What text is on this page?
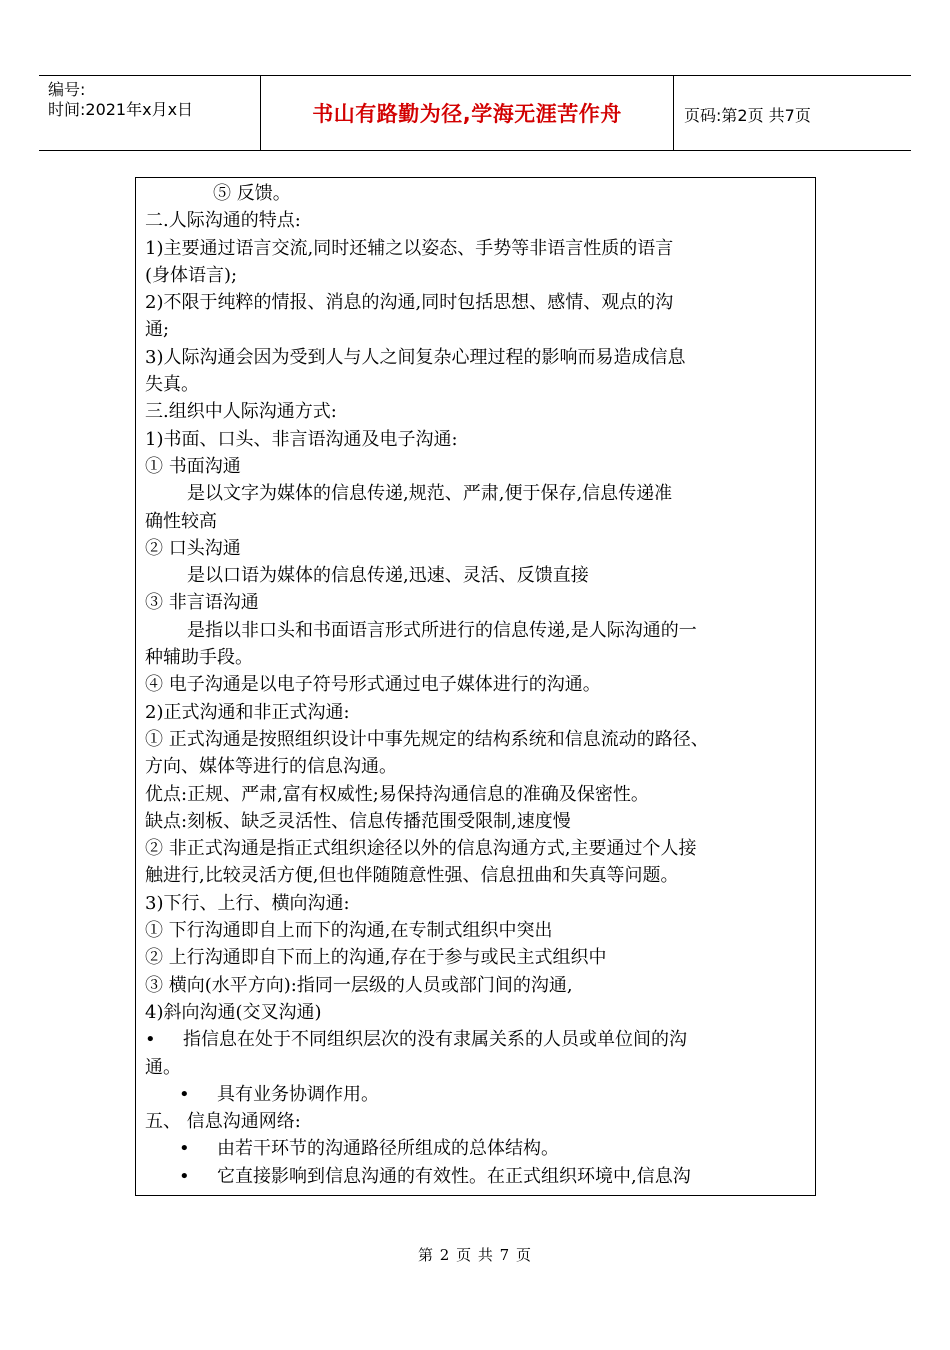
编号:
时间:2021年x月x日	书山有路勤为径,学海无涯苦作舟	页码:第2页 共7页
⑤ 反馈。
二.人际沟通的特点:
1)主要通过语言交流,同时还辅之以姿态、手势等非语言性质的语言
(身体语言);
2)不限于纯粹的情报、消息的沟通,同时包括思想、感情、观点的沟
通;
3)人际沟通会因为受到人与人之间复杂心理过程的影响而易造成信息
失真。
三.组织中人际沟通方式:
1)书面、口头、非言语沟通及电子沟通:
① 书面沟通
是以文字为媒体的信息传递,规范、严肃,便于保存,信息传递准
确性较高
② 口头沟通
是以口语为媒体的信息传递,迅速、灵活、反馈直接
③ 非言语沟通
是指以非口头和书面语言形式所进行的信息传递,是人际沟通的一
种辅助手段。
④ 电子沟通是以电子符号形式通过电子媒体进行的沟通。
2)正式沟通和非正式沟通:
① 正式沟通是按照组织设计中事先规定的结构系统和信息流动的路径、
方向、媒体等进行的信息沟通。
优点:正规、严肃,富有权威性;易保持沟通信息的准确及保密性。
缺点:刻板、缺乏灵活性、信息传播范围受限制,速度慢
② 非正式沟通是指正式组织途径以外的信息沟通方式,主要通过个人接
触进行,比较灵活方便,但也伴随随意性强、信息扭曲和失真等问题。
3)下行、上行、横向沟通:
① 下行沟通即自上而下的沟通,在专制式组织中突出
② 上行沟通即自下而上的沟通,存在于参与或民主式组织中
③ 横向(水平方向):指同一层级的人员或部门间的沟通,
4)斜向沟通(交叉沟通)
•	指信息在处于不同组织层次的没有隶属关系的人员或单位间的沟
通。
•	具有业务协调作用。
五、 信息沟通网络:
•	由若干环节的沟通路径所组成的总体结构。
•	它直接影响到信息沟通的有效性。在正式组织环境中,信息沟
第 2 页 共 7 页
